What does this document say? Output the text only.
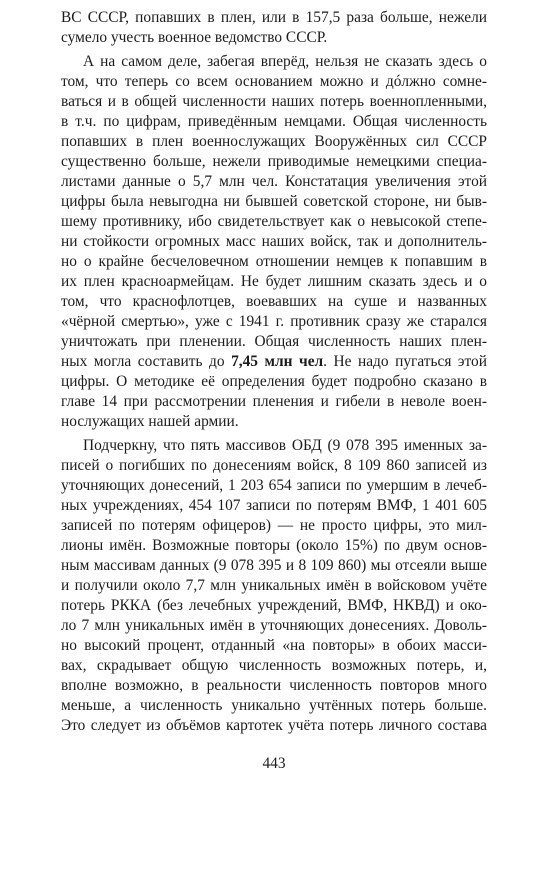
ВС СССР, попавших в плен, или в 157,5 раза больше, нежели
сумело учесть военное ведомство СССР.
А на самом деле, забегая вперёд, нельзя не сказать здесь о
том, что теперь со всем основанием можно и дóлжно сомне-
ваться и в общей численности наших потерь военнопленными,
в т.ч. по цифрам, приведённым немцами. Общая численность
попавших в плен военнослужащих Вооружённых сил СССР
существенно больше, нежели приводимые немецкими специа-
листами данные о 5,7 млн чел. Констатация увеличения этой
цифры была невыгодна ни бывшей советской стороне, ни быв-
шему противнику, ибо свидетельствует как о невысокой степе-
ни стойкости огромных масс наших войск, так и дополнитель-
но о крайне бесчеловечном отношении немцев к попавшим в
их плен красноармейцам. Не будет лишним сказать здесь и о
том, что краснофлотцев, воевавших на суше и названных
«чёрной смертью», уже с 1941 г. противник сразу же старался
уничтожать при пленении. Общая численность наших плен-
ных могла составить до 7,45 млн чел. Не надо пугаться этой
цифры. О методике её определения будет подробно сказано в
главе 14 при рассмотрении пленения и гибели в неволе воен-
нослужащих нашей армии.
Подчеркну, что пять массивов ОБД (9 078 395 именных за-
писей о погибших по донесениям войск, 8 109 860 записей из
уточняющих донесений, 1 203 654 записи по умершим в лечеб-
ных учреждениях, 454 107 записи по потерям ВМФ, 1 401 605
записей по потерям офицеров) — не просто цифры, это мил-
лионы имён. Возможные повторы (около 15%) по двум основ-
ным массивам данных (9 078 395 и 8 109 860) мы отсеяли выше
и получили около 7,7 млн уникальных имён в войсковом учёте
потерь РККА (без лечебных учреждений, ВМФ, НКВД) и око-
ло 7 млн уникальных имён в уточняющих донесениях. Доволь-
но высокий процент, отданный «на повторы» в обоих масси-
вах, скрадывает общую численность возможных потерь, и,
вполне возможно, в реальности численность повторов много
меньше, а численность уникально учтённых потерь больше.
Это следует из объёмов картотек учёта потерь личного состава
443
